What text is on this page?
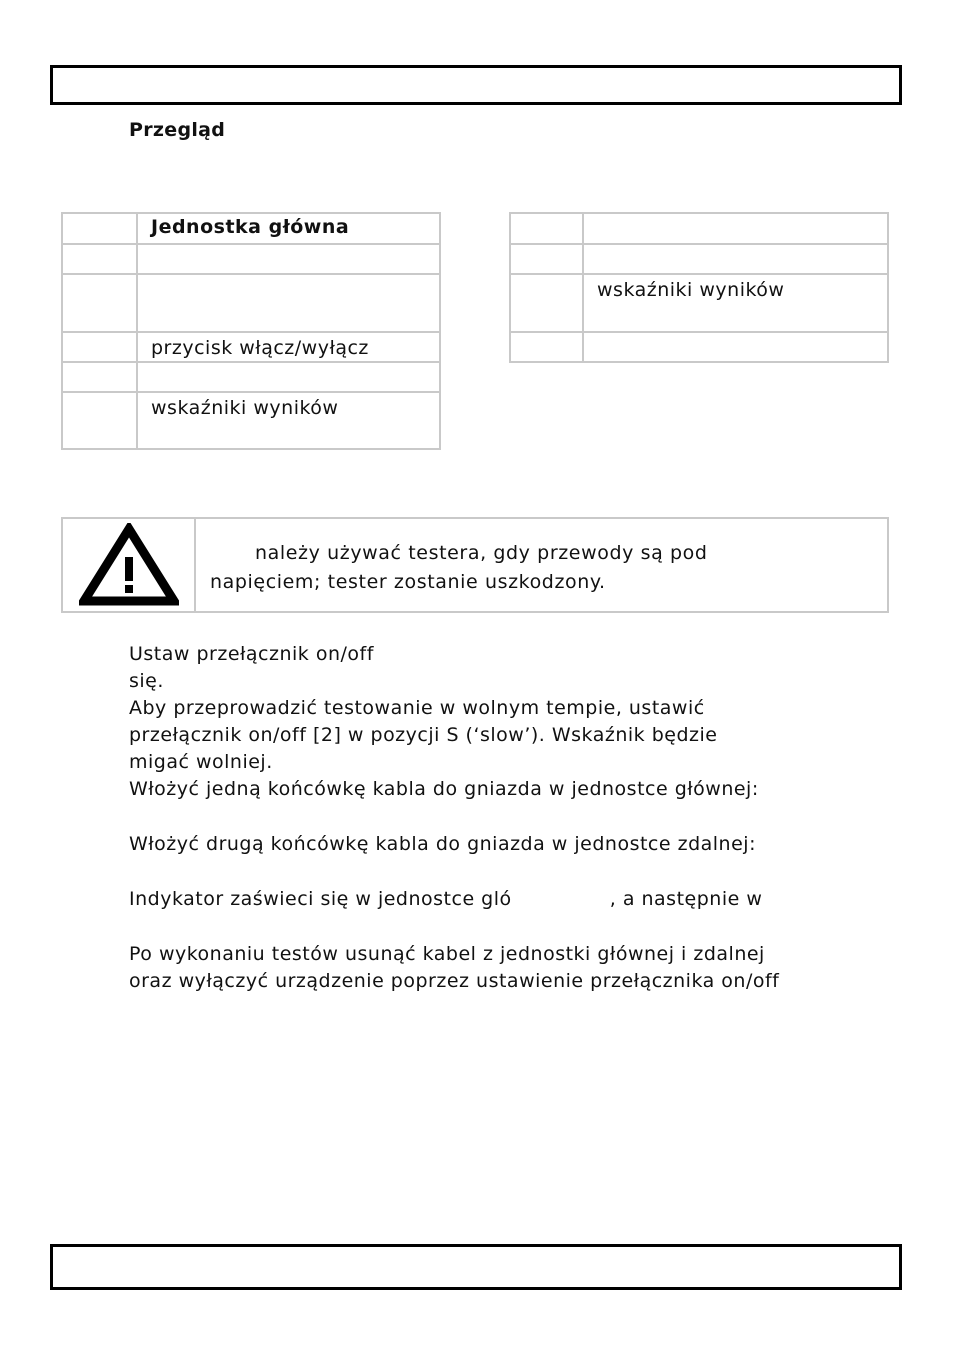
Przegląd
	Jednostka główna

	przycisk włącz/wyłącz

	wskaźniki wyników

	wskaźniki wyników

należy używać testera, gdy przewody są pod
napięciem; tester zostanie uszkodzony.

Ustaw przełącznik on/off

się.

Aby przeprowadzić testowanie w wolnym tempie, ustawić

przełącznik on/off [2] w pozycji S (‘slow’). Wskaźnik będzie

migać wolniej.

Włożyć jedną końcówkę kabla do gniazda w jednostce głównej:

Włożyć drugą końcówkę kabla do gniazda w jednostce zdalnej:

Indykator zaświeci się w jednostce gló               , a następnie w

Po wykonaniu testów usunąć kabel z jednostki głównej i zdalnej

oraz wyłączyć urządzenie poprzez ustawienie przełącznika on/off
